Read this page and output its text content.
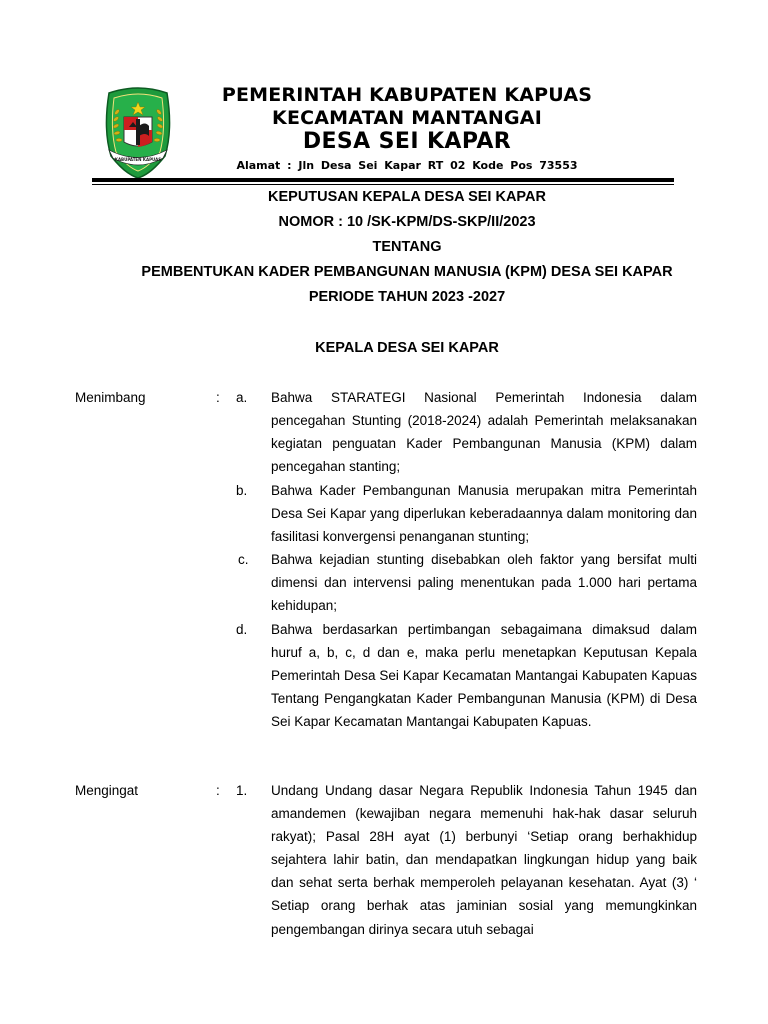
KABUPATEN KAPUAS
PEMERINTAH KABUPATEN KAPUAS
KECAMATAN MANTANGAI
DESA SEI KAPAR
Alamat : Jln Desa Sei Kapar RT 02 Kode Pos 73553
KEPUTUSAN KEPALA DESA SEI KAPAR
NOMOR : 10 /SK-KPM/DS-SKP/II/2023
TENTANG
PEMBENTUKAN KADER PEMBANGUNAN MANUSIA (KPM) DESA SEI KAPAR
PERIODE TAHUN 2023 -2027
KEPALA DESA SEI KAPAR
Menimbang	: a. Bahwa STARATEGI Nasional Pemerintah Indonesia dalam pencegahan Stunting (2018-2024) adalah Pemerintah melaksanakan kegiatan penguatan Kader Pembangunan Manusia (KPM) dalam pencegahan stanting;

b. Bahwa Kader Pembangunan Manusia merupakan mitra Pemerintah Desa Sei Kapar yang diperlukan keberadaannya dalam monitoring dan fasilitasi konvergensi penanganan stunting;

c. Bahwa kejadian stunting disebabkan oleh faktor yang bersifat multi dimensi dan intervensi paling menentukan pada 1.000 hari pertama kehidupan;

d. Bahwa berdasarkan pertimbangan sebagaimana dimaksud dalam huruf a, b, c, d dan e, maka perlu menetapkan Keputusan Kepala Pemerintah Desa Sei Kapar Kecamatan Mantangai Kabupaten Kapuas Tentang Pengangkatan Kader Pembangunan Manusia (KPM) di Desa Sei Kapar Kecamatan Mantangai Kabupaten Kapuas.

Mengingat	: 1. Undang Undang dasar Negara Republik Indonesia Tahun 1945 dan amandemen (kewajiban negara memenuhi hak-hak dasar seluruh rakyat); Pasal 28H ayat (1) berbunyi ‘Setiap orang berhakhidup sejahtera lahir batin, dan mendapatkan lingkungan hidup yang baik dan sehat serta berhak memperoleh pelayanan kesehatan. Ayat (3) ‘ Setiap orang berhak atas jaminian sosial yang memungkinkan pengembangan dirinya secara utuh sebagai
